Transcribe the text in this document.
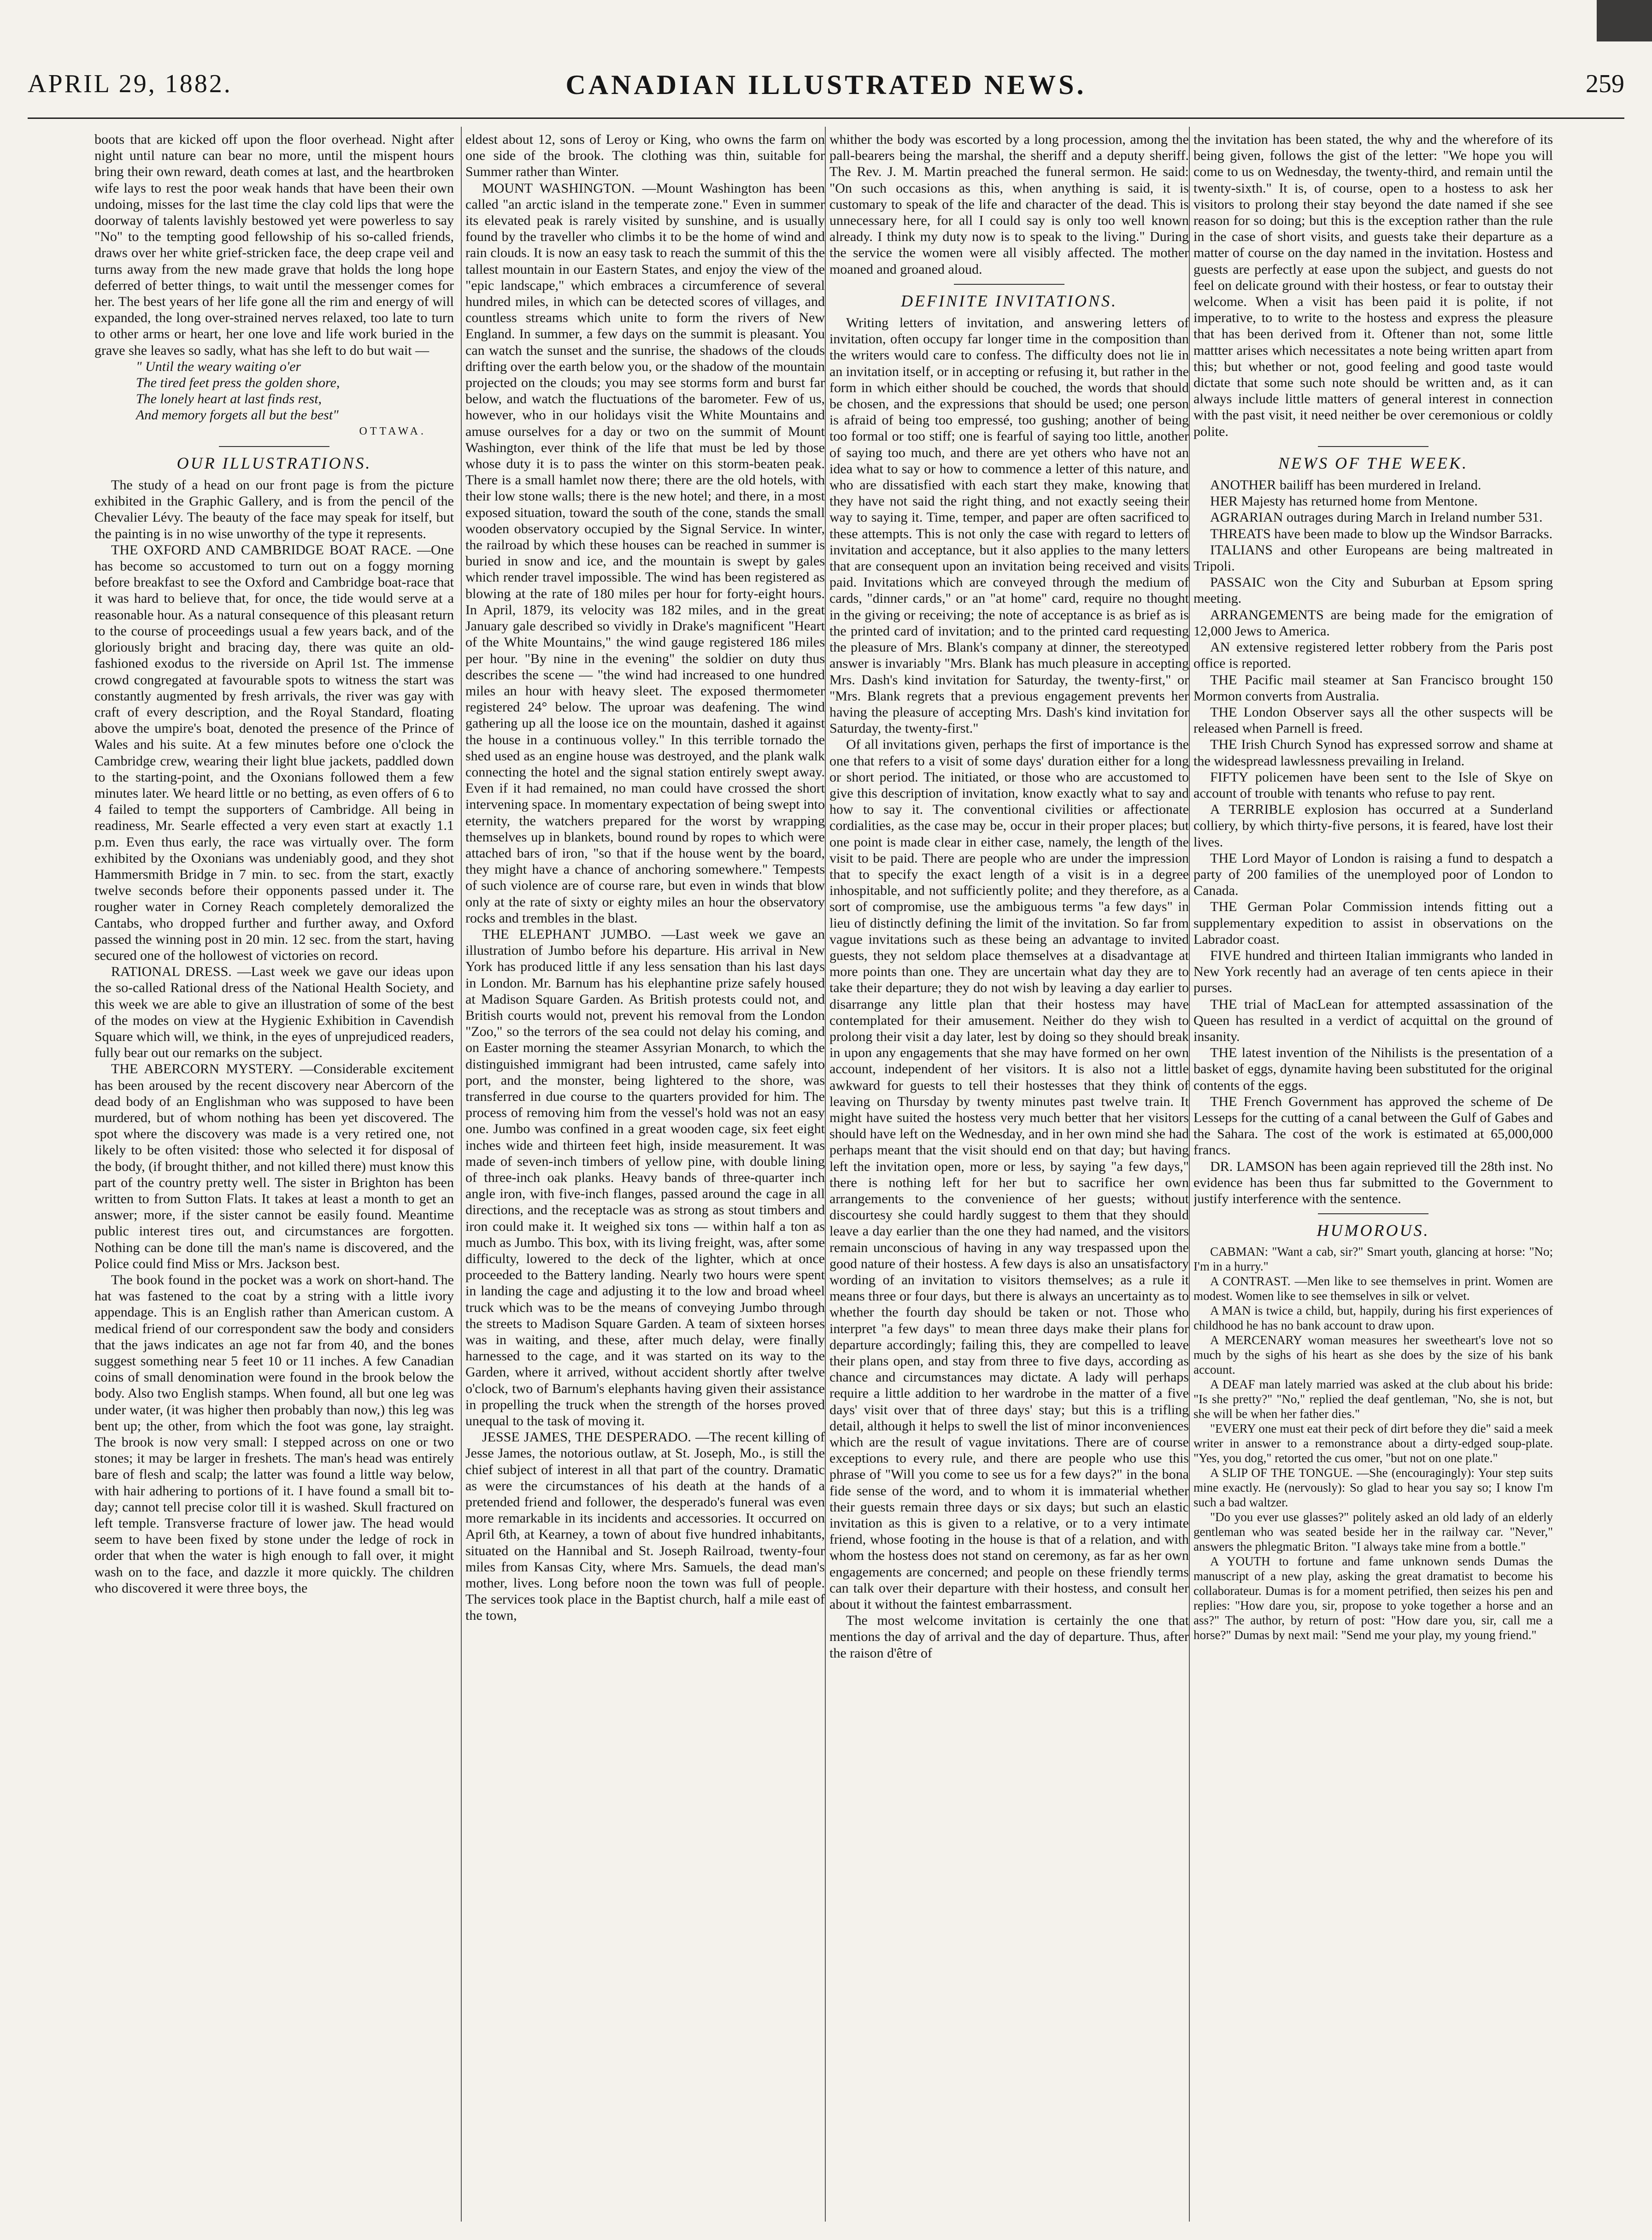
APRIL 29, 1882.	CANADIAN ILLUSTRATED NEWS.	259

boots that are kicked off upon the floor overhead. Night after night until nature can bear no more, until the mispent hours bring their own reward, death comes at last, and the heartbroken wife lays to rest the poor weak hands that have been their own undoing, misses for the last time the clay cold lips that were the doorway of talents lavishly bestowed yet were powerless to say "No" to the tempting good fellowship of his so-called friends, draws over her white grief-stricken face, the deep crape veil and turns away from the new made grave that holds the long hope deferred of better things, to wait until the messenger comes for her. The best years of her life gone all the rim and energy of will expanded, the long over-strained nerves relaxed, too late to turn to other arms or heart, her one love and life work buried in the grave she leaves so sadly, what has she left to do but wait —

" Until the weary waiting o'er

The tired feet press the golden shore,

The lonely heart at last finds rest,

And memory forgets all but the best"

OTTAWA.

OUR ILLUSTRATIONS.

The study of a head on our front page is from the picture exhibited in the Graphic Gallery, and is from the pencil of the Chevalier Lévy. The beauty of the face may speak for itself, but the painting is in no wise unworthy of the type it represents.

THE OXFORD AND CAMBRIDGE BOAT RACE. —One has become so accustomed to turn out on a foggy morning before breakfast to see the Oxford and Cambridge boat-race that it was hard to believe that, for once, the tide would serve at a reasonable hour. As a natural consequence of this pleasant return to the course of proceedings usual a few years back, and of the gloriously bright and bracing day, there was quite an old-fashioned exodus to the riverside on April 1st. The immense crowd congregated at favourable spots to witness the start was constantly augmented by fresh arrivals, the river was gay with craft of every description, and the Royal Standard, floating above the umpire's boat, denoted the presence of the Prince of Wales and his suite. At a few minutes before one o'clock the Cambridge crew, wearing their light blue jackets, paddled down to the starting-point, and the Oxonians followed them a few minutes later. We heard little or no betting, as even offers of 6 to 4 failed to tempt the supporters of Cambridge. All being in readiness, Mr. Searle effected a very even start at exactly 1.1 p.m. Even thus early, the race was virtually over. The form exhibited by the Oxonians was undeniably good, and they shot Hammersmith Bridge in 7 min. to sec. from the start, exactly twelve seconds before their opponents passed under it. The rougher water in Corney Reach completely demoralized the Cantabs, who dropped further and further away, and Oxford passed the winning post in 20 min. 12 sec. from the start, having secured one of the hollowest of victories on record.

RATIONAL DRESS. —Last week we gave our ideas upon the so-called Rational dress of the National Health Society, and this week we are able to give an illustration of some of the best of the modes on view at the Hygienic Exhibition in Cavendish Square which will, we think, in the eyes of unprejudiced readers, fully bear out our remarks on the subject.

THE ABERCORN MYSTERY. —Considerable excitement has been aroused by the recent discovery near Abercorn of the dead body of an Englishman who was supposed to have been murdered, but of whom nothing has been yet discovered. The spot where the discovery was made is a very retired one, not likely to be often visited: those who selected it for disposal of the body, (if brought thither, and not killed there) must know this part of the country pretty well. The sister in Brighton has been written to from Sutton Flats. It takes at least a month to get an answer; more, if the sister cannot be easily found. Meantime public interest tires out, and circumstances are forgotten. Nothing can be done till the man's name is discovered, and the Police could find Miss or Mrs. Jackson best.

The book found in the pocket was a work on short-hand. The hat was fastened to the coat by a string with a little ivory appendage. This is an English rather than American custom. A medical friend of our correspondent saw the body and considers that the jaws indicates an age not far from 40, and the bones suggest something near 5 feet 10 or 11 inches. A few Canadian coins of small denomination were found in the brook below the body. Also two English stamps. When found, all but one leg was under water, (it was higher then probably than now,) this leg was bent up; the other, from which the foot was gone, lay straight. The brook is now very small: I stepped across on one or two stones; it may be larger in freshets. The man's head was entirely bare of flesh and scalp; the latter was found a little way below, with hair adhering to portions of it. I have found a small bit to-day; cannot tell precise color till it is washed. Skull fractured on left temple. Transverse fracture of lower jaw. The head would seem to have been fixed by stone under the ledge of rock in order that when the water is high enough to fall over, it might wash on to the face, and dazzle it more quickly. The children who discovered it were three boys, the

eldest about 12, sons of Leroy or King, who owns the farm on one side of the brook. The clothing was thin, suitable for Summer rather than Winter.

MOUNT WASHINGTON. —Mount Washington has been called "an arctic island in the temperate zone." Even in summer its elevated peak is rarely visited by sunshine, and is usually found by the traveller who climbs it to be the home of wind and rain clouds. It is now an easy task to reach the summit of this the tallest mountain in our Eastern States, and enjoy the view of the "epic landscape," which embraces a circumference of several hundred miles, in which can be detected scores of villages, and countless streams which unite to form the rivers of New England. In summer, a few days on the summit is pleasant. You can watch the sunset and the sunrise, the shadows of the clouds drifting over the earth below you, or the shadow of the mountain projected on the clouds; you may see storms form and burst far below, and watch the fluctuations of the barometer. Few of us, however, who in our holidays visit the White Mountains and amuse ourselves for a day or two on the summit of Mount Washington, ever think of the life that must be led by those whose duty it is to pass the winter on this storm-beaten peak. There is a small hamlet now there; there are the old hotels, with their low stone walls; there is the new hotel; and there, in a most exposed situation, toward the south of the cone, stands the small wooden observatory occupied by the Signal Service. In winter, the railroad by which these houses can be reached in summer is buried in snow and ice, and the mountain is swept by gales which render travel impossible. The wind has been registered as blowing at the rate of 180 miles per hour for forty-eight hours. In April, 1879, its velocity was 182 miles, and in the great January gale described so vividly in Drake's magnificent "Heart of the White Mountains," the wind gauge registered 186 miles per hour. "By nine in the evening" the soldier on duty thus describes the scene — "the wind had increased to one hundred miles an hour with heavy sleet. The exposed thermometer registered 24° below. The uproar was deafening. The wind gathering up all the loose ice on the mountain, dashed it against the house in a continuous volley." In this terrible tornado the shed used as an engine house was destroyed, and the plank walk connecting the hotel and the signal station entirely swept away. Even if it had remained, no man could have crossed the short intervening space. In momentary expectation of being swept into eternity, the watchers prepared for the worst by wrapping themselves up in blankets, bound round by ropes to which were attached bars of iron, "so that if the house went by the board, they might have a chance of anchoring somewhere." Tempests of such violence are of course rare, but even in winds that blow only at the rate of sixty or eighty miles an hour the observatory rocks and trembles in the blast.

THE ELEPHANT JUMBO. —Last week we gave an illustration of Jumbo before his departure. His arrival in New York has produced little if any less sensation than his last days in London. Mr. Barnum has his elephantine prize safely housed at Madison Square Garden. As British protests could not, and British courts would not, prevent his removal from the London "Zoo," so the terrors of the sea could not delay his coming, and on Easter morning the steamer Assyrian Monarch, to which the distinguished immigrant had been intrusted, came safely into port, and the monster, being lightered to the shore, was transferred in due course to the quarters provided for him. The process of removing him from the vessel's hold was not an easy one. Jumbo was confined in a great wooden cage, six feet eight inches wide and thirteen feet high, inside measurement. It was made of seven-inch timbers of yellow pine, with double lining of three-inch oak planks. Heavy bands of three-quarter inch angle iron, with five-inch flanges, passed around the cage in all directions, and the receptacle was as strong as stout timbers and iron could make it. It weighed six tons — within half a ton as much as Jumbo. This box, with its living freight, was, after some difficulty, lowered to the deck of the lighter, which at once proceeded to the Battery landing. Nearly two hours were spent in landing the cage and adjusting it to the low and broad wheel truck which was to be the means of conveying Jumbo through the streets to Madison Square Garden. A team of sixteen horses was in waiting, and these, after much delay, were finally harnessed to the cage, and it was started on its way to the Garden, where it arrived, without accident shortly after twelve o'clock, two of Barnum's elephants having given their assistance in propelling the truck when the strength of the horses proved unequal to the task of moving it.

JESSE JAMES, THE DESPERADO. —The recent killing of Jesse James, the notorious outlaw, at St. Joseph, Mo., is still the chief subject of interest in all that part of the country. Dramatic as were the circumstances of his death at the hands of a pretended friend and follower, the desperado's funeral was even more remarkable in its incidents and accessories. It occurred on April 6th, at Kearney, a town of about five hundred inhabitants, situated on the Hannibal and St. Joseph Railroad, twenty-four miles from Kansas City, where Mrs. Samuels, the dead man's mother, lives. Long before noon the town was full of people. The services took place in the Baptist church, half a mile east of the town,

whither the body was escorted by a long procession, among the pall-bearers being the marshal, the sheriff and a deputy sheriff. The Rev. J. M. Martin preached the funeral sermon. He said: "On such occasions as this, when anything is said, it is customary to speak of the life and character of the dead. This is unnecessary here, for all I could say is only too well known already. I think my duty now is to speak to the living." During the service the women were all visibly affected. The mother moaned and groaned aloud.

DEFINITE INVITATIONS.

Writing letters of invitation, and answering letters of invitation, often occupy far longer time in the composition than the writers would care to confess. The difficulty does not lie in an invitation itself, or in accepting or refusing it, but rather in the form in which either should be couched, the words that should be chosen, and the expressions that should be used; one person is afraid of being too empressé, too gushing; another of being too formal or too stiff; one is fearful of saying too little, another of saying too much, and there are yet others who have not an idea what to say or how to commence a letter of this nature, and who are dissatisfied with each start they make, knowing that they have not said the right thing, and not exactly seeing their way to saying it. Time, temper, and paper are often sacrificed to these attempts. This is not only the case with regard to letters of invitation and acceptance, but it also applies to the many letters that are consequent upon an invitation being received and visits paid. Invitations which are conveyed through the medium of cards, "dinner cards," or an "at home" card, require no thought in the giving or receiving; the note of acceptance is as brief as is the printed card of invitation; and to the printed card requesting the pleasure of Mrs. Blank's company at dinner, the stereotyped answer is invariably "Mrs. Blank has much pleasure in accepting Mrs. Dash's kind invitation for Saturday, the twenty-first," or "Mrs. Blank regrets that a previous engagement prevents her having the pleasure of accepting Mrs. Dash's kind invitation for Saturday, the twenty-first."

Of all invitations given, perhaps the first of importance is the one that refers to a visit of some days' duration either for a long or short period. The initiated, or those who are accustomed to give this description of invitation, know exactly what to say and how to say it. The conventional civilities or affectionate cordialities, as the case may be, occur in their proper places; but one point is made clear in either case, namely, the length of the visit to be paid. There are people who are under the impression that to specify the exact length of a visit is in a degree inhospitable, and not sufficiently polite; and they therefore, as a sort of compromise, use the ambiguous terms "a few days" in lieu of distinctly defining the limit of the invitation. So far from vague invitations such as these being an advantage to invited guests, they not seldom place themselves at a disadvantage at more points than one. They are uncertain what day they are to take their departure; they do not wish by leaving a day earlier to disarrange any little plan that their hostess may have contemplated for their amusement. Neither do they wish to prolong their visit a day later, lest by doing so they should break in upon any engagements that she may have formed on her own account, independent of her visitors. It is also not a little awkward for guests to tell their hostesses that they think of leaving on Thursday by twenty minutes past twelve train. It might have suited the hostess very much better that her visitors should have left on the Wednesday, and in her own mind she had perhaps meant that the visit should end on that day; but having left the invitation open, more or less, by saying "a few days," there is nothing left for her but to sacrifice her own arrangements to the convenience of her guests; without discourtesy she could hardly suggest to them that they should leave a day earlier than the one they had named, and the visitors remain unconscious of having in any way trespassed upon the good nature of their hostess. A few days is also an unsatisfactory wording of an invitation to visitors themselves; as a rule it means three or four days, but there is always an uncertainty as to whether the fourth day should be taken or not. Those who interpret "a few days" to mean three days make their plans for departure accordingly; failing this, they are compelled to leave their plans open, and stay from three to five days, according as chance and circumstances may dictate. A lady will perhaps require a little addition to her wardrobe in the matter of a five days' visit over that of three days' stay; but this is a trifling detail, although it helps to swell the list of minor inconveniences which are the result of vague invitations. There are of course exceptions to every rule, and there are people who use this phrase of "Will you come to see us for a few days?" in the bona fide sense of the word, and to whom it is immaterial whether their guests remain three days or six days; but such an elastic invitation as this is given to a relative, or to a very intimate friend, whose footing in the house is that of a relation, and with whom the hostess does not stand on ceremony, as far as her own engagements are concerned; and people on these friendly terms can talk over their departure with their hostess, and consult her about it without the faintest embarrassment.

The most welcome invitation is certainly the one that mentions the day of arrival and the day of departure. Thus, after the raison d'être of

the invitation has been stated, the why and the wherefore of its being given, follows the gist of the letter: "We hope you will come to us on Wednesday, the twenty-third, and remain until the twenty-sixth." It is, of course, open to a hostess to ask her visitors to prolong their stay beyond the date named if she see reason for so doing; but this is the exception rather than the rule in the case of short visits, and guests take their departure as a matter of course on the day named in the invitation. Hostess and guests are perfectly at ease upon the subject, and guests do not feel on delicate ground with their hostess, or fear to outstay their welcome. When a visit has been paid it is polite, if not imperative, to to write to the hostess and express the pleasure that has been derived from it. Oftener than not, some little mattter arises which necessitates a note being written apart from this; but whether or not, good feeling and good taste would dictate that some such note should be written and, as it can always include little matters of general interest in connection with the past visit, it need neither be over ceremonious or coldly polite.

NEWS OF THE WEEK.

ANOTHER bailiff has been murdered in Ireland.

HER Majesty has returned home from Mentone.

AGRARIAN outrages during March in Ireland number 531.

THREATS have been made to blow up the Windsor Barracks.

ITALIANS and other Europeans are being maltreated in Tripoli.

PASSAIC won the City and Suburban at Epsom spring meeting.

ARRANGEMENTS are being made for the emigration of 12,000 Jews to America.

AN extensive registered letter robbery from the Paris post office is reported.

THE Pacific mail steamer at San Francisco brought 150 Mormon converts from Australia.

THE London Observer says all the other suspects will be released when Parnell is freed.

THE Irish Church Synod has expressed sorrow and shame at the widespread lawlessness prevailing in Ireland.

FIFTY policemen have been sent to the Isle of Skye on account of trouble with tenants who refuse to pay rent.

A TERRIBLE explosion has occurred at a Sunderland colliery, by which thirty-five persons, it is feared, have lost their lives.

THE Lord Mayor of London is raising a fund to despatch a party of 200 families of the unemployed poor of London to Canada.

THE German Polar Commission intends fitting out a supplementary expedition to assist in observations on the Labrador coast.

FIVE hundred and thirteen Italian immigrants who landed in New York recently had an average of ten cents apiece in their purses.

THE trial of MacLean for attempted assassination of the Queen has resulted in a verdict of acquittal on the ground of insanity.

THE latest invention of the Nihilists is the presentation of a basket of eggs, dynamite having been substituted for the original contents of the eggs.

THE French Government has approved the scheme of De Lesseps for the cutting of a canal between the Gulf of Gabes and the Sahara. The cost of the work is estimated at 65,000,000 francs.

DR. LAMSON has been again reprieved till the 28th inst. No evidence has been thus far submitted to the Government to justify interference with the sentence.

HUMOROUS.

CABMAN: "Want a cab, sir?" Smart youth, glancing at horse: "No; I'm in a hurry."

A CONTRAST. —Men like to see themselves in print. Women are modest. Women like to see themselves in silk or velvet.

A MAN is twice a child, but, happily, during his first experiences of childhood he has no bank account to draw upon.

A MERCENARY woman measures her sweetheart's love not so much by the sighs of his heart as she does by the size of his bank account.

A DEAF man lately married was asked at the club about his bride: "Is she pretty?" "No," replied the deaf gentleman, "No, she is not, but she will be when her father dies."

"EVERY one must eat their peck of dirt before they die" said a meek writer in answer to a remonstrance about a dirty-edged soup-plate. "Yes, you dog," retorted the cus omer, "but not on one plate."

A SLIP OF THE TONGUE. —She (encouragingly): Your step suits mine exactly. He (nervously): So glad to hear you say so; I know I'm such a bad waltzer.

"Do you ever use glasses?" politely asked an old lady of an elderly gentleman who was seated beside her in the railway car. "Never," answers the phlegmatic Briton. "I always take mine from a bottle."

A YOUTH to fortune and fame unknown sends Dumas the manuscript of a new play, asking the great dramatist to become his collaborateur. Dumas is for a moment petrified, then seizes his pen and replies: "How dare you, sir, propose to yoke together a horse and an ass?" The author, by return of post: "How dare you, sir, call me a horse?" Dumas by next mail: "Send me your play, my young friend."
